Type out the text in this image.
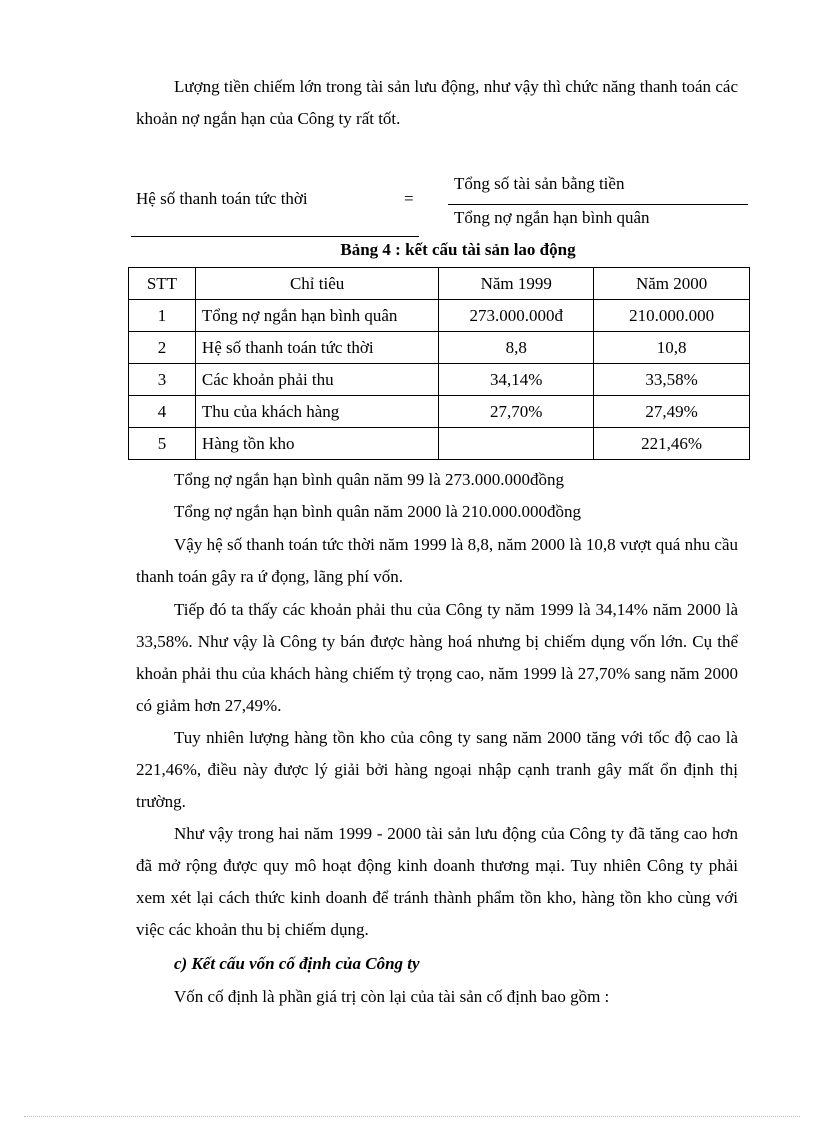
Lượng tiền chiếm lớn trong tài sản lưu động, như vậy thì chức năng thanh toán các khoản nợ ngắn hạn của Công ty rất tốt.

Hệ số thanh toán tức thời	=
Tổng số tài sản bằng tiền
Tổng nợ ngắn hạn bình quân
Bảng 4 : kết cấu tài sản lao động
STT	Chỉ tiêu	Năm 1999	Năm 2000
1	Tổng nợ ngắn hạn bình quân	273.000.000đ	210.000.000
2	Hệ số thanh toán tức thời	8,8	10,8
3	Các khoản phải thu	34,14%	33,58%
4	Thu của khách hàng	27,70%	27,49%
5	Hàng tồn kho		221,46%

Tổng nợ ngắn hạn bình quân năm 99 là 273.000.000đồng

Tổng nợ ngắn hạn bình quân năm 2000 là 210.000.000đồng

Vậy hệ số thanh toán tức thời năm 1999 là 8,8, năm 2000 là 10,8 vượt quá nhu cầu thanh toán gây ra ứ đọng, lãng phí vốn.

Tiếp đó ta thấy các khoản phải thu của Công ty năm 1999 là 34,14% năm 2000 là 33,58%. Như vậy là Công ty bán được hàng hoá nhưng bị chiếm dụng vốn lớn. Cụ thể khoản phải thu của khách hàng chiếm tỷ trọng cao, năm 1999 là 27,70% sang năm 2000 có giảm hơn 27,49%.

Tuy nhiên lượng hàng tồn kho của công ty sang năm 2000 tăng với tốc độ cao là 221,46%, điều này được lý giải bởi hàng ngoại nhập cạnh tranh gây mất ổn định thị trường.

Như vậy trong hai năm 1999 - 2000 tài sản lưu động của Công ty đã tăng cao hơn đã mở rộng được quy mô hoạt động kinh doanh thương mại. Tuy nhiên Công ty phải xem xét lại cách thức kinh doanh để tránh thành phẩm tồn kho, hàng tồn kho cùng với việc các khoản thu bị chiếm dụng.

c) Kết cấu vốn cố định của Công ty

Vốn cố định là phần giá trị còn lại của tài sản cố định bao gồm :
